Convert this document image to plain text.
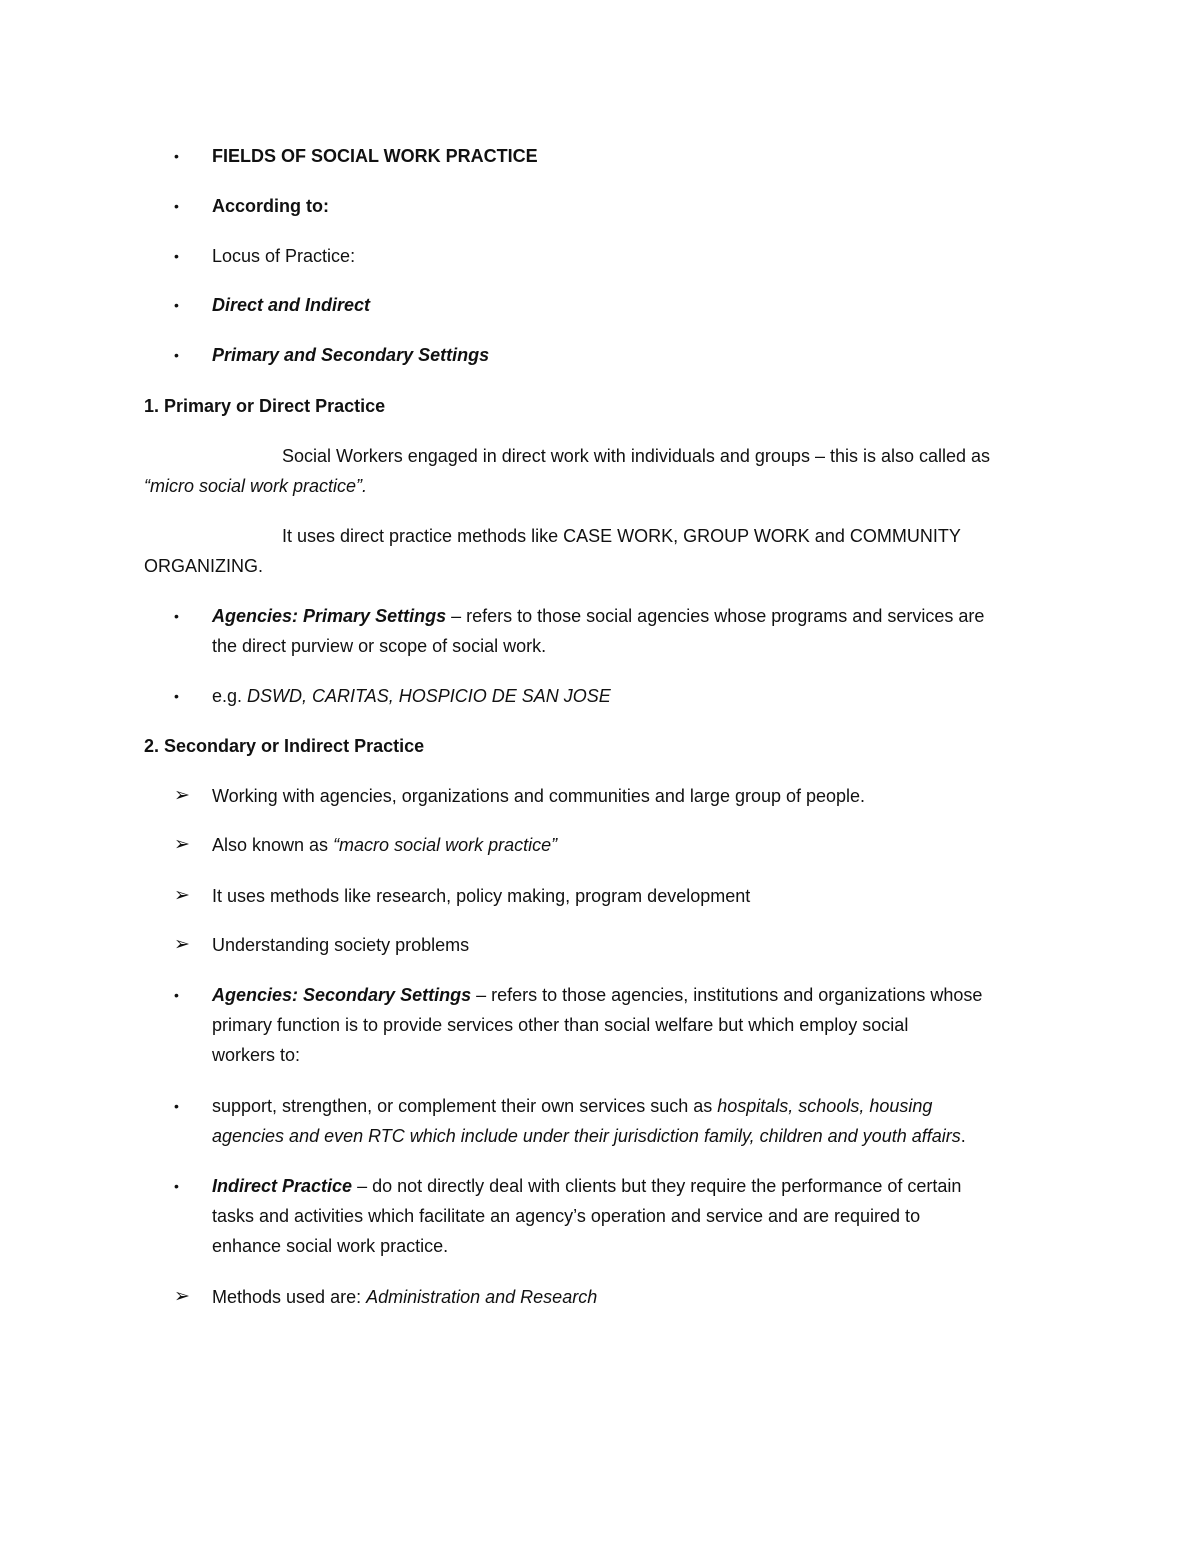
•	FIELDS OF SOCIAL WORK PRACTICE
•	According to:
•	Locus of Practice:
•	Direct and Indirect
•	Primary and Secondary Settings
1. Primary or Direct Practice
Social Workers engaged in direct work with individuals and groups – this is also called as
“micro social work practice”.
It uses direct practice methods like CASE WORK, GROUP WORK and COMMUNITY
ORGANIZING.
•	Agencies: Primary Settings – refers to those social agencies whose programs and services are
the direct purview or scope of social work.
•	e.g. DSWD, CARITAS, HOSPICIO DE SAN JOSE
2. Secondary or Indirect Practice
➢ Working with agencies, organizations and communities and large group of people.
➢ Also known as “macro social work practice”
➢ It uses methods like research, policy making, program development
➢ Understanding society problems
•	Agencies: Secondary Settings – refers to those agencies, institutions and organizations whose
primary function is to provide services other than social welfare but which employ social
workers to:
•	support, strengthen, or complement their own services such as hospitals, schools, housing
agencies and even RTC which include under their jurisdiction family, children and youth affairs.
•	Indirect Practice – do not directly deal with clients but they require the performance of certain
tasks and activities which facilitate an agency’s operation and service and are required to
enhance social work practice.
➢ Methods used are: Administration and Research
